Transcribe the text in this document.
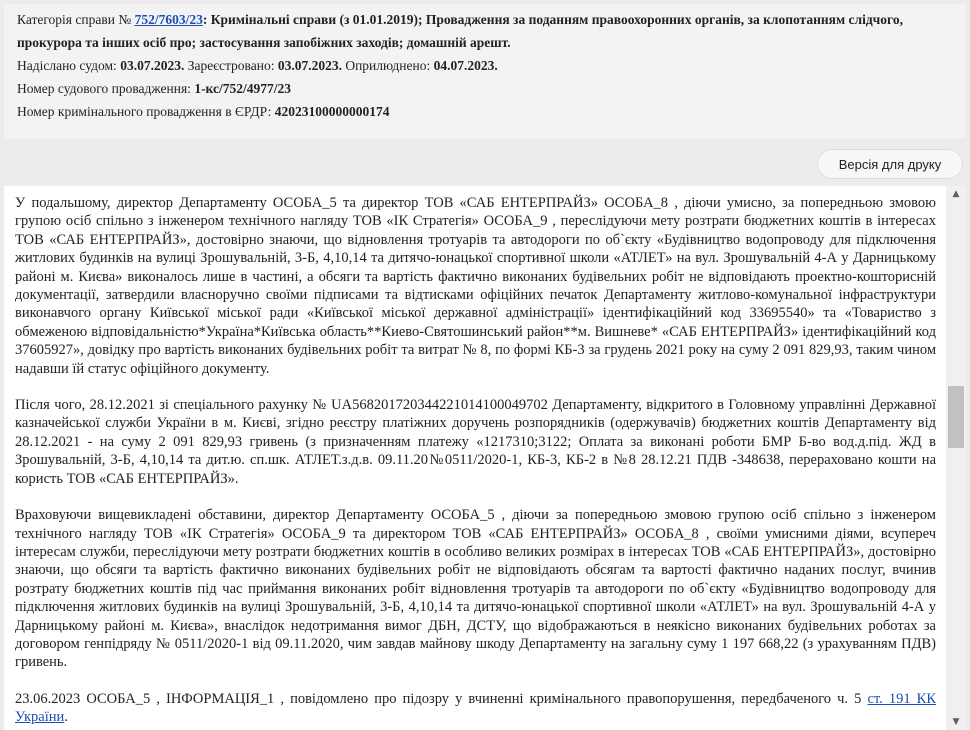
Категорія справи № 752/7603/23: Кримінальні справи (з 01.01.2019); Провадження за поданням правоохоронних органів, за клопотанням слідчого, прокурора та інших осіб про; застосування запобіжних заходів; домашній арешт.
Надіслано судом: 03.07.2023. Зареєстровано: 03.07.2023. Оприлюднено: 04.07.2023.
Номер судового провадження: 1-кс/752/4977/23
Номер кримінального провадження в ЄРДР: 42023100000000174
Версія для друку

У подальшому, директор Департаменту ОСОБА_5 та директор ТОВ «САБ ЕНТЕРПРАЙЗ» ОСОБА_8 , діючи умисно, за попередньою змовою групою осіб спільно з інженером технічного нагляду ТОВ «ІК Стратегія» ОСОБА_9 , переслідуючи мету розтрати бюджетних коштів в інтересах ТОВ «САБ ЕНТЕРПРАЙЗ», достовірно знаючи, що відновлення тротуарів та автодороги по об`єкту «Будівництво водопроводу для підключення житлових будинків на вулиці Зрошувальній, 3-Б, 4,10,14 та дитячо-юнацької спортивної школи «АТЛЕТ» на вул. Зрошувальній 4-А у Дарницькому районі м. Києва» виконалось лише в частині, а обсяги та вартість фактично виконаних будівельних робіт не відповідають проектно-кошторисній документації, затвердили власноручно своїми підписами та відтисками офіційних печаток Департаменту житлово-комунальної інфраструктури виконавчого органу Київської міської ради «Київської міської державної адміністрації» ідентифікаційний код 33695540» та «Товариство з обмеженою відповідальністю*Україна*Київська область**Киево-Святошинський район**м. Вишневе* «САБ ЕНТЕРПРАЙЗ» ідентифікаційний код 37605927», довідку про вартість виконаних будівельних робіт та витрат № 8, по формі КБ-3 за грудень 2021 року на суму 2 091 829,93, таким чином надавши їй статус офіційного документу.

Після чого, 28.12.2021 зі спеціального рахунку № UA568201720344221014100049702 Департаменту, відкритого в Головному управлінні Державної казначейської служби України в м. Києві, згідно реєстру платіжних доручень розпорядників (одержувачів) бюджетних коштів Департаменту від 28.12.2021 - на суму 2 091 829,93 гривень (з призначенням платежу «1217310;3122; Оплата за виконані роботи БМР Б-во вод.д.під. ЖД в Зрошувальній, 3-Б, 4,10,14 та дит.ю. сп.шк. АТЛЕТ.з.д.в. 09.11.20№0511/2020-1, КБ-3, КБ-2 в №8 28.12.21 ПДВ -348638, перераховано кошти на користь ТОВ «САБ ЕНТЕРПРАЙЗ».

Враховуючи вищевикладені обставини, директор Департаменту ОСОБА_5 , діючи за попередньою змовою групою осіб спільно з інженером технічного нагляду ТОВ «ІК Стратегія» ОСОБА_9 та директором ТОВ «САБ ЕНТЕРПРАЙЗ» ОСОБА_8 , своїми умисними діями, всупереч інтересам служби, переслідуючи мету розтрати бюджетних коштів в особливо великих розмірах в інтересах ТОВ «САБ ЕНТЕРПРАЙЗ», достовірно знаючи, що обсяги та вартість фактично виконаних будівельних робіт не відповідають обсягам та вартості фактично наданих послуг, вчинив розтрату бюджетних коштів під час приймання виконаних робіт відновлення тротуарів та автодороги по об`єкту «Будівництво водопроводу для підключення житлових будинків на вулиці Зрошувальній, 3-Б, 4,10,14 та дитячо-юнацької спортивної школи «АТЛЕТ» на вул. Зрошувальній 4-А у Дарницькому районі м. Києва», внаслідок недотримання вимог ДБН, ДСТУ, що відображаються в неякісно виконаних будівельних роботах за договором генпідряду № 0511/2020-1 від 09.11.2020, чим завдав майнову шкоду Департаменту на загальну суму 1 197 668,22 (з урахуванням ПДВ) гривень.

23.06.2023 ОСОБА_5 , ІНФОРМАЦІЯ_1 , повідомлено про підозру у вчиненні кримінального правопорушення, передбаченого ч. 5 ст. 191 КК України.

▲
▼
